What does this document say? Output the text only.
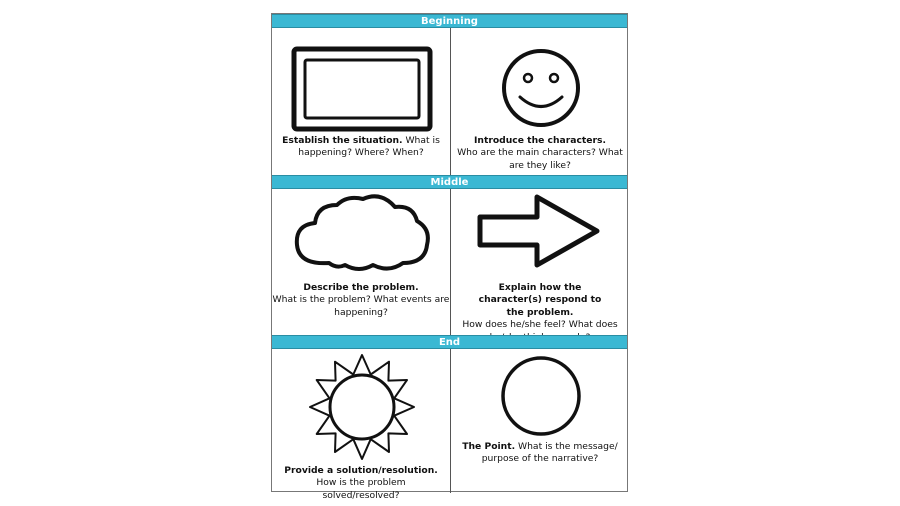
Beginning
Establish the situation. What is happening? Where? When?
Introduce the characters.
Who are the main characters? What are they like?
Middle
Describe the problem.
What is the problem? What events are happening?
Explain how the character(s) respond to the problem.
How does he/she feel? What does
End
Provide a solution/resolution.
How is the problem solved/resolved?
The Point. What is the message/ purpose of the narrative?
